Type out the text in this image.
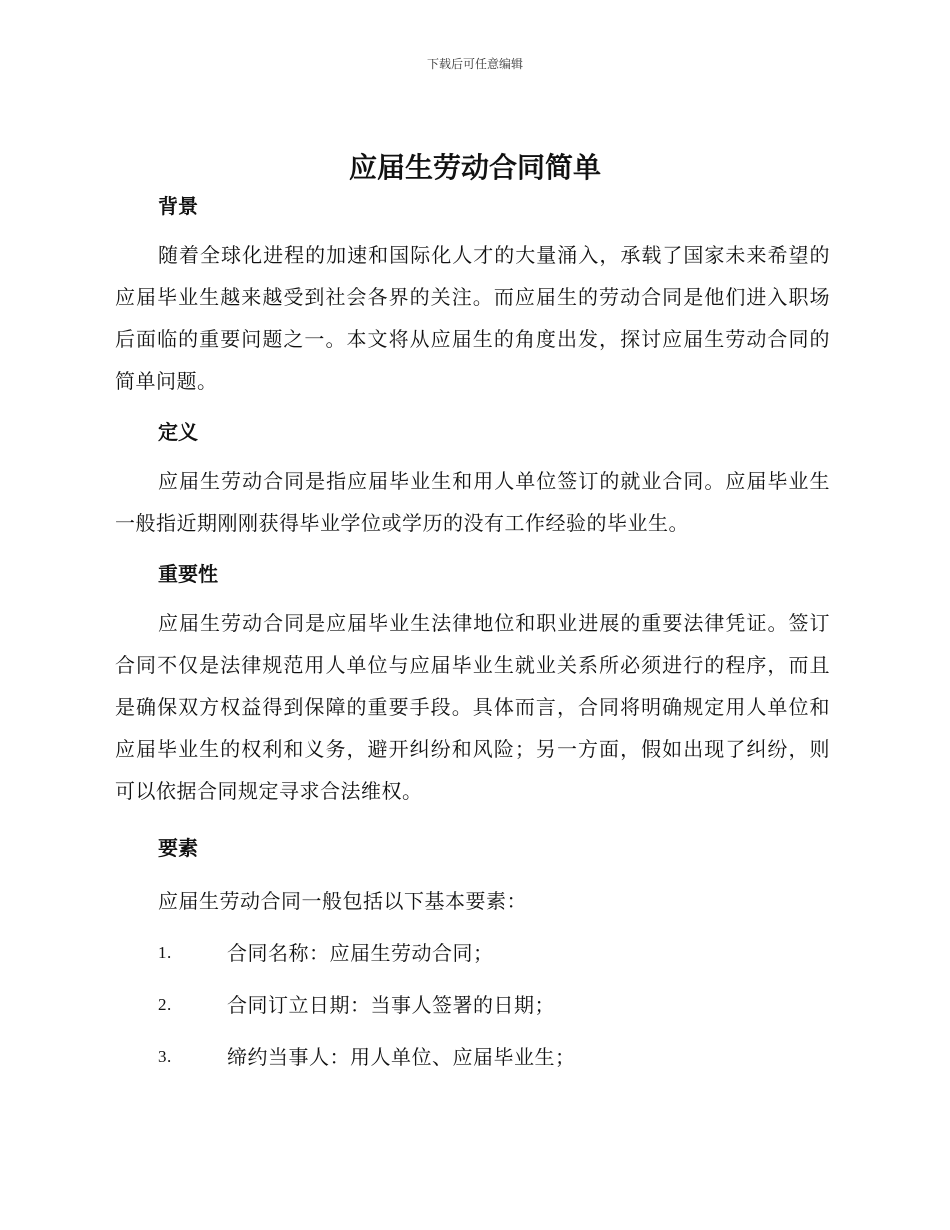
下载后可任意编辑
应届生劳动合同简单
背景

随着全球化进程的加速和国际化人才的大量涌入，承载了国家未来希望的应届毕业生越来越受到社会各界的关注。而应届生的劳动合同是他们进入职场后面临的重要问题之一。本文将从应届生的角度出发，探讨应届生劳动合同的简单问题。

定义

应届生劳动合同是指应届毕业生和用人单位签订的就业合同。应届毕业生一般指近期刚刚获得毕业学位或学历的没有工作经验的毕业生。

重要性

应届生劳动合同是应届毕业生法律地位和职业进展的重要法律凭证。签订合同不仅是法律规范用人单位与应届毕业生就业关系所必须进行的程序，而且是确保双方权益得到保障的重要手段。具体而言，合同将明确规定用人单位和应届毕业生的权利和义务，避开纠纷和风险；另一方面，假如出现了纠纷，则可以依据合同规定寻求合法维权。

要素

应届生劳动合同一般包括以下基本要素：

1.	合同名称：应届生劳动合同；
2.	合同订立日期：当事人签署的日期；
3.	缔约当事人：用人单位、应届毕业生；
